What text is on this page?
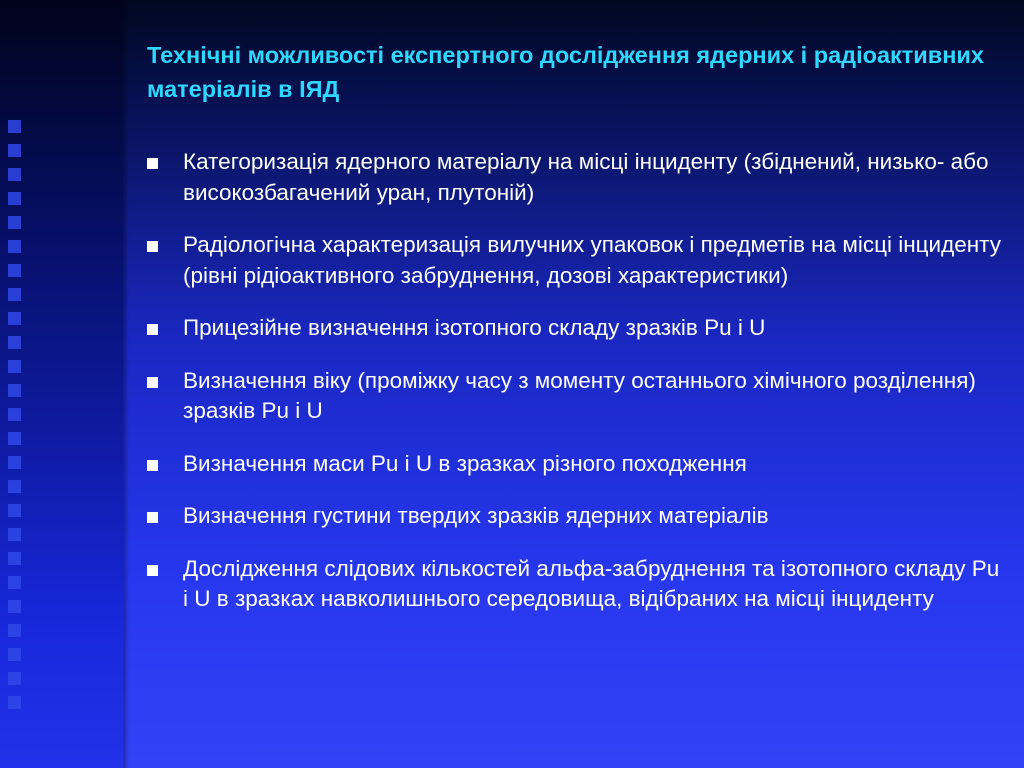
Технічні можливості експертного дослідження ядерних і радіоактивних матеріалів в ІЯД
Категоризація ядерного матеріалу на місці інциденту (збіднений, низько- або високозбагачений уран, плутоній)
Радіологічна характеризація вилучних упаковок і предметів на місці інциденту (рівні рідіоактивного забруднення, дозові характеристики)
Прицезійне визначення ізотопного складу зразків Pu і U
Визначення віку (проміжку часу з моменту останнього хімічного розділення) зразків Pu і U
Визначення маси Pu і U в зразках різного походження
Визначення густини твердих зразків ядерних матеріалів
Дослідження слідових кількостей альфа-забруднення та ізотопного складу Pu і U в зразках навколишнього середовища, відібраних на місці інциденту
